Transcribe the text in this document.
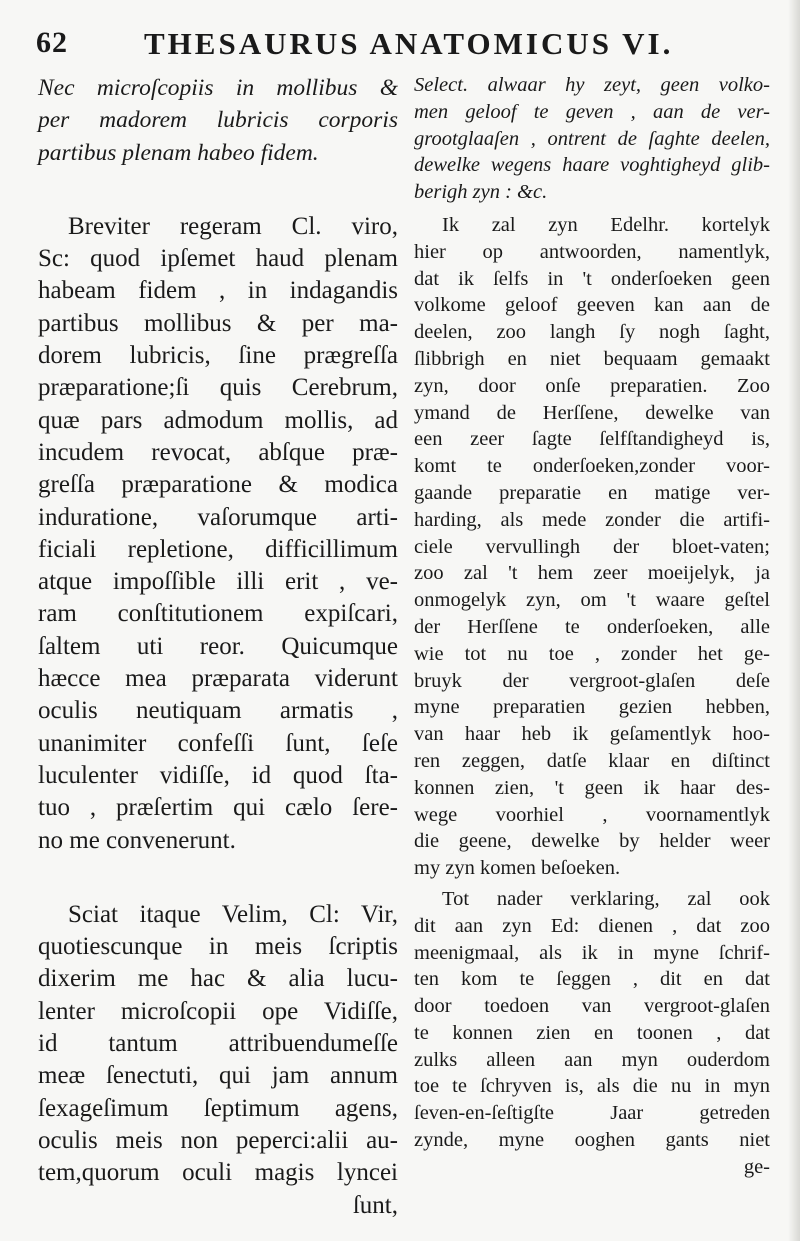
62 THESAURUS ANATOMICUS VI.
Nec microſcopiis in mollibus &
per madorem lubricis corporis
partibus plenam habeo fidem.
Breviter regeram Cl. viro,
Sc: quod ipſemet haud plenam
habeam fidem , in indagandis
partibus mollibus & per ma-
dorem lubricis, ſine prægreſſa
præparatione;ſi quis Cerebrum,
quæ pars admodum mollis, ad
incudem revocat, abſque præ-
greſſa præparatione & modica
induratione, vaſorumque arti-
ficiali repletione, difficillimum
atque impoſſible illi erit , ve-
ram conſtitutionem expiſcari,
ſaltem uti reor. Quicumque
hæcce mea præparata viderunt
oculis neutiquam armatis ,
unanimiter confeſſi ſunt, ſeſe
luculenter vidiſſe, id quod ſta-
tuo , præſertim qui cælo ſere-
no me convenerunt.
Sciat itaque Velim, Cl: Vir,
quotiescunque in meis ſcriptis
dixerim me hac & alia lucu-
lenter microſcopii ope Vidiſſe,
id tantum attribuendumeſſe
meæ ſenectuti, qui jam annum
ſexageſimum ſeptimum agens,
oculis meis non peperci:alii au-
tem,quorum oculi magis lyncei
ſunt,
Select. alwaar hy zeyt, geen volko-
men geloof te geven , aan de ver-
grootglaaſen , ontrent de ſaghte deelen,
dewelke wegens haare voghtigheyd glib-
berigh zyn : &c.
Ik zal zyn Edelhr. kortelyk
hier op antwoorden, namentlyk,
dat ik ſelfs in 't onderſoeken geen
volkome geloof geeven kan aan de
deelen, zoo langh ſy nogh ſaght,
ſlibbrigh en niet bequaam gemaakt
zyn, door onſe preparatien. Zoo
ymand de Herſſene, dewelke van
een zeer ſagte ſelfſtandigheyd is,
komt te onderſoeken,zonder voor-
gaande preparatie en matige ver-
harding, als mede zonder die artifi-
ciele vervullingh der bloet-vaten;
zoo zal 't hem zeer moeijelyk, ja
onmogelyk zyn, om 't waare geſtel
der Herſſene te onderſoeken, alle
wie tot nu toe , zonder het ge-
bruyk der vergroot-glaſen deſe
myne preparatien gezien hebben,
van haar heb ik geſamentlyk hoo-
ren zeggen, datſe klaar en diſtinct
konnen zien, 't geen ik haar des-
wege voorhiel , voornamentlyk
die geene, dewelke by helder weer
my zyn komen beſoeken.
Tot nader verklaring, zal ook
dit aan zyn Ed: dienen , dat zoo
meenigmaal, als ik in myne ſchrif-
ten kom te ſeggen , dit en dat
door toedoen van vergroot-glaſen
te konnen zien en toonen , dat
zulks alleen aan myn ouderdom
toe te ſchryven is, als die nu in myn
ſeven-en-ſeſtigſte Jaar getreden
zynde, myne ooghen gants niet
ge-
